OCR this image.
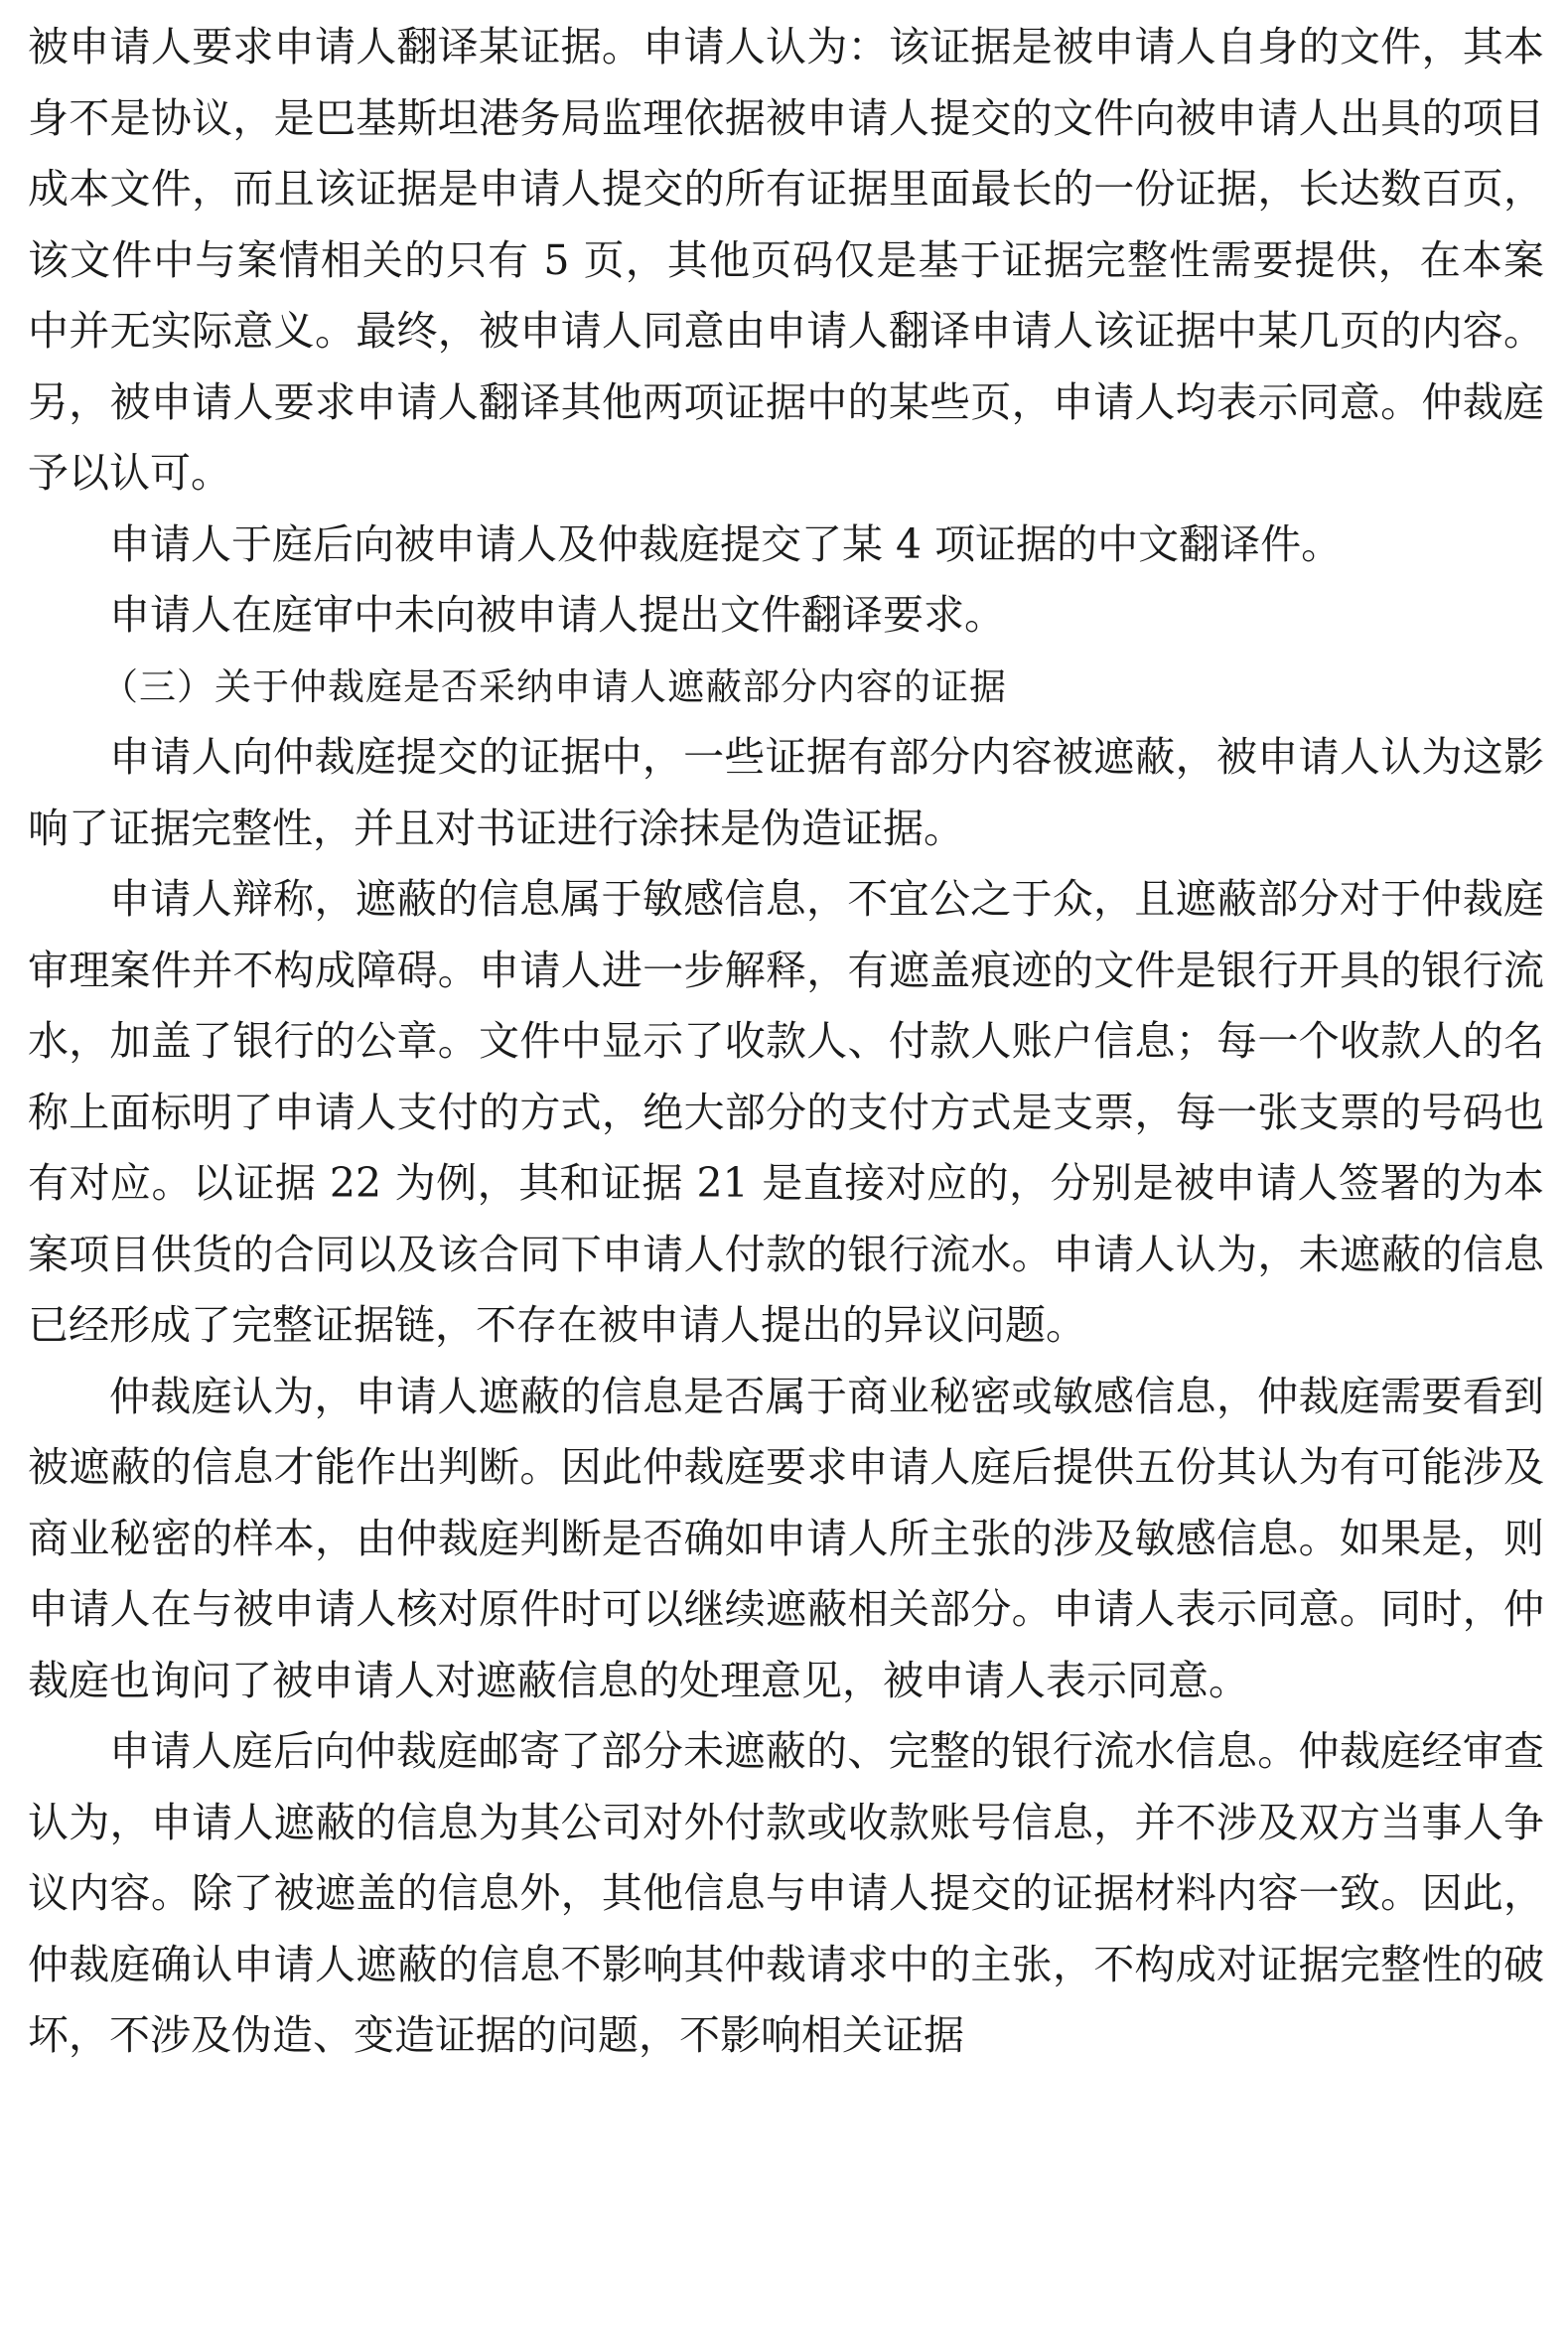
被申请人要求申请人翻译某证据。申请人认为：该证据是被申请人自身的文件，其本身不是协议，是巴基斯坦港务局监理依据被申请人提交的文件向被申请人出具的项目成本文件，而且该证据是申请人提交的所有证据里面最长的一份证据，长达数百页，该文件中与案情相关的只有 5 页，其他页码仅是基于证据完整性需要提供，在本案中并无实际意义。最终，被申请人同意由申请人翻译申请人该证据中某几页的内容。另，被申请人要求申请人翻译其他两项证据中的某些页，申请人均表示同意。仲裁庭予以认可。

申请人于庭后向被申请人及仲裁庭提交了某 4 项证据的中文翻译件。

申请人在庭审中未向被申请人提出文件翻译要求。

（三）关于仲裁庭是否采纳申请人遮蔽部分内容的证据

申请人向仲裁庭提交的证据中，一些证据有部分内容被遮蔽，被申请人认为这影响了证据完整性，并且对书证进行涂抹是伪造证据。

申请人辩称，遮蔽的信息属于敏感信息，不宜公之于众，且遮蔽部分对于仲裁庭审理案件并不构成障碍。申请人进一步解释，有遮盖痕迹的文件是银行开具的银行流水，加盖了银行的公章。文件中显示了收款人、付款人账户信息；每一个收款人的名称上面标明了申请人支付的方式，绝大部分的支付方式是支票，每一张支票的号码也有对应。以证据 22 为例，其和证据 21 是直接对应的，分别是被申请人签署的为本案项目供货的合同以及该合同下申请人付款的银行流水。申请人认为，未遮蔽的信息已经形成了完整证据链，不存在被申请人提出的异议问题。

仲裁庭认为，申请人遮蔽的信息是否属于商业秘密或敏感信息，仲裁庭需要看到被遮蔽的信息才能作出判断。因此仲裁庭要求申请人庭后提供五份其认为有可能涉及商业秘密的样本，由仲裁庭判断是否确如申请人所主张的涉及敏感信息。如果是，则申请人在与被申请人核对原件时可以继续遮蔽相关部分。申请人表示同意。同时，仲裁庭也询问了被申请人对遮蔽信息的处理意见，被申请人表示同意。

申请人庭后向仲裁庭邮寄了部分未遮蔽的、完整的银行流水信息。仲裁庭经审查认为，申请人遮蔽的信息为其公司对外付款或收款账号信息，并不涉及双方当事人争议内容。除了被遮盖的信息外，其他信息与申请人提交的证据材料内容一致。因此，仲裁庭确认申请人遮蔽的信息不影响其仲裁请求中的主张，不构成对证据完整性的破坏，不涉及伪造、变造证据的问题，不影响相关证据
